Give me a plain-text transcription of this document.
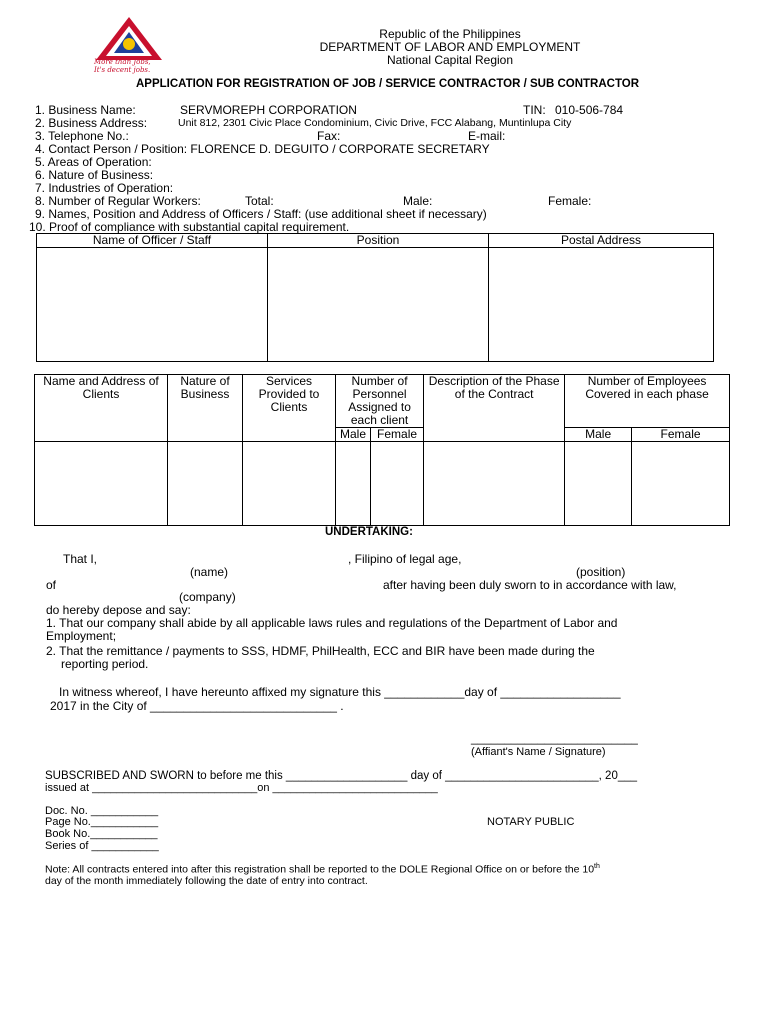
More than Jobs,
It's decent jobs.
Republic of the Philippines
DEPARTMENT OF LABOR AND EMPLOYMENT
National Capital Region
APPLICATION FOR REGISTRATION OF JOB / SERVICE CONTRACTOR / SUB CONTRACTOR
1. Business Name:	SERVMOREPH CORPORATION	TIN: 010-506-784
2. Business Address:	Unit 812, 2301 Civic Place Condominium, Civic Drive, FCC Alabang, Muntinlupa City
3. Telephone No.:	Fax:	E-mail:
4. Contact Person / Position: FLORENCE D. DEGUITO / CORPORATE SECRETARY
5. Areas of Operation:
6. Nature of Business:
7. Industries of Operation:
8. Number of Regular Workers:	Total:	Male:	Female:
9. Names, Position and Address of Officers / Staff: (use additional sheet if necessary)
10. Proof of compliance with substantial capital requirement.
Name of Officer / Staff	Position	Postal Address

Name and Address of Clients	Nature of Business	Services Provided to Clients	Number of Personnel Assigned to each client		Description of the Phase of the Contract	Number of Employees Covered in each phase	
			Male	Female		Male	Female

UNDERTAKING:
That I,	, Filipino of legal age,
(name)	(position)
of	after having been duly sworn to in accordance with law,
(company)
do hereby depose and say:
1. That our company shall abide by all applicable laws rules and regulations of the Department of Labor and
Employment;
2. That the remittance / payments to SSS, HDMF, PhilHealth, ECC and BIR have been made during the
reporting period.
In witness whereof, I have hereunto affixed my signature this ____________day of __________________
2017 in the City of ____________________________ .
_________________________
(Affiant's Name / Signature)
SUBSCRIBED AND SWORN to before me this ___________________ day of ________________________, 20___
issued at ___________________________on ___________________________
Doc. No. ___________
Page No.___________
Book No.___________
Series of ___________
NOTARY PUBLIC
Note: All contracts entered into after this registration shall be reported to the DOLE Regional Office on or before the 10th
day of the month immediately following the date of entry into contract.
